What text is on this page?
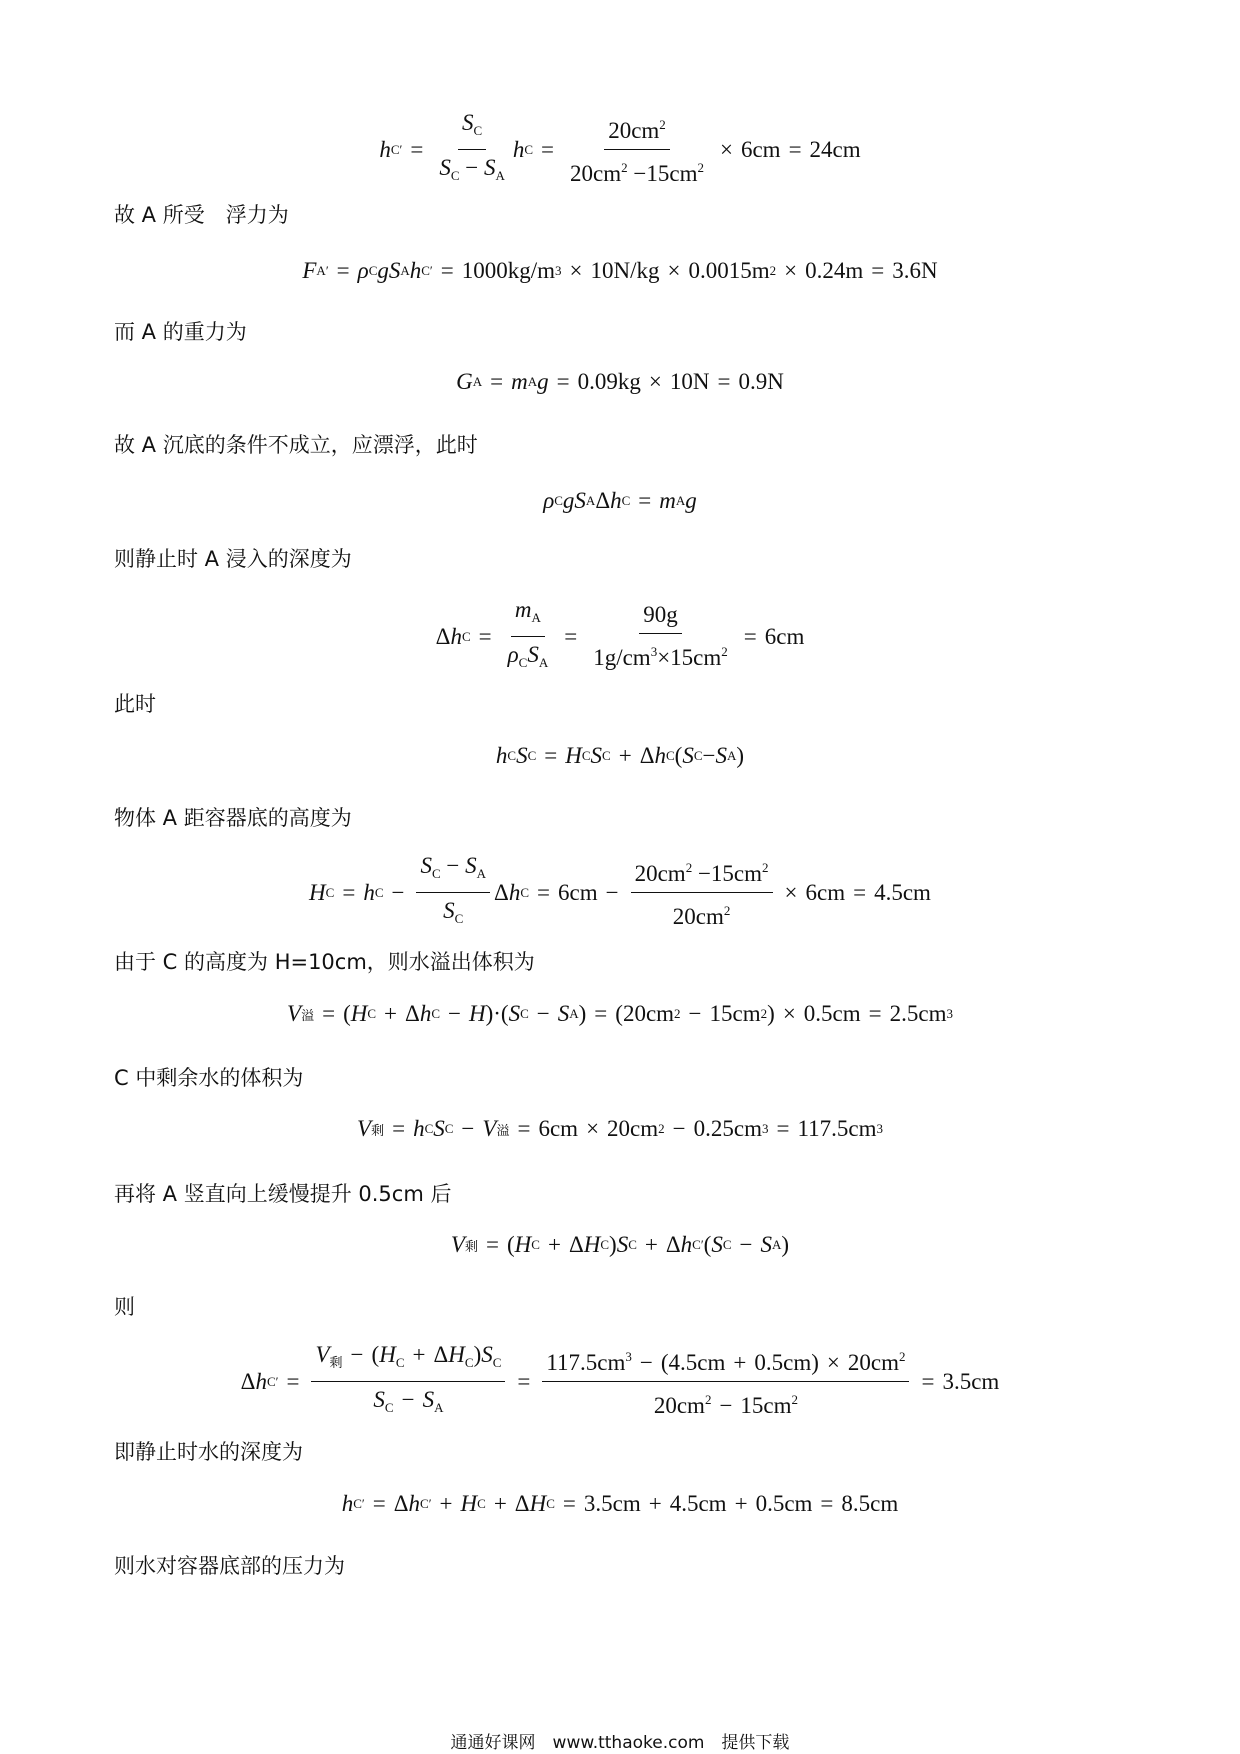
h C ′ = $\frac{S_C}{S_C - S_A}$ h $C = \frac{20cm^2}{20cm^2 -15cm^2} \times 6cm = 24cm$
故 A 所受　浮力为
F A ′ = ρ C gS A h C ′ = 1000kg/m 3 × 10N/kg × 0.0015m 2 × 0.24m = 3.6N
而 A 的重力为
G A = m A g = 0.09kg × 10N = 0.9N
故 A 沉底的条件不成立，应漂浮，此时
ρ C gS A Δ h C = m A g
则静止时 A 浸入的深度为
Δ h $C = \frac{m_A}{\rho_CS_A} = \frac{90g}{1g/cm^3\times 15cm^2} = 6cm$
此时
h C S C = H C S C + Δ h C ( S C − S A )
物体 A 距容器底的高度为
H C = h $C - \frac{S_C - S_A}{S_C}$ Δ h $C = 6cm - \frac{20cm^2 -15cm^2}{20cm^2} \times 6cm = 4.5cm$
由于 C 的高度为 H=10cm，则水溢出体积为
V 溢 = ( H C + Δ h C − H )·( S C − S A ) = (20cm 2 − 15cm 2 ) × 0.5cm = 2.5cm 3
C 中剩余水的体积为
V 剩 = h C S C − V 溢 = 6cm × 20cm 2 − 0.25cm 3 = 117.5cm 3
再将 A 竖直向上缓慢提升 0.5cm 后
V 剩 = ( H C + Δ H C ) S C + Δ h C ′ ( S C − S A )
则
Δ h C ′ = $\frac{V_剩 - (H_C + \Delta H_C)S_C}{S_C - S_A} = \frac{117.5cm^3 - (4.5cm + 0.5cm) \times 20cm^2}{20cm^2 - 15cm^2} = 3.5cm$
即静止时水的深度为
h C ′ = Δ h C ′ + H C + Δ H C = 3.5cm + 4.5cm + 0.5cm = 8.5cm
则水对容器底部的压力为
通通好课网　www.tthaoke.com　提供下载
